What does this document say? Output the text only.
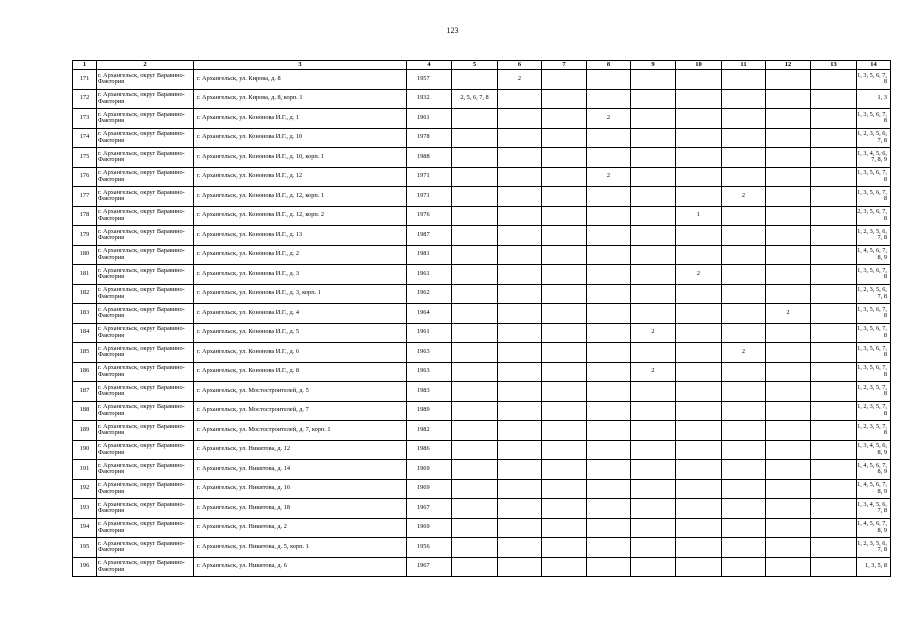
123
1	2	3	4	5	6	7	8	9	10	11	12	13	14
171	г. Архангельск, округ Варавино-Фактория	г. Архангельск, ул. Кирова, д. 8	1957		2								1, 3, 5, 6, 7, 8
172	г. Архангельск, округ Варавино-Фактория	г. Архангельск, ул. Кирова, д. 8, корп. 1	1932	2, 5, 6, 7, 8									1, 3
173	г. Архангельск, округ Варавино-Фактория	г. Архангельск, ул. Кононова И.Г., д. 1	1961				2						1, 3, 5, 6, 7, 8
174	г. Архангельск, округ Варавино-Фактория	г. Архангельск, ул. Кононова И.Г., д. 10	1978										1, 2, 3, 5, 6, 7, 8
175	г. Архангельск, округ Варавино-Фактория	г. Архангельск, ул. Кононова И.Г., д. 10, корп. 1	1988										1, 3, 4, 5, 6, 7, 8, 9
176	г. Архангельск, округ Варавино-Фактория	г. Архангельск, ул. Кононова И.Г., д. 12	1971				2						1, 3, 5, 6, 7, 8
177	г. Архангельск, округ Варавино-Фактория	г. Архангельск, ул. Кононова И.Г., д. 12, корп. 1	1971							2			1, 3, 5, 6, 7, 8
178	г. Архангельск, округ Варавино-Фактория	г. Архангельск, ул. Кононова И.Г., д. 12, корп. 2	1976						1				2, 3, 5, 6, 7, 8
179	г. Архангельск, округ Варавино-Фактория	г. Архангельск, ул. Кононова И.Г., д. 13	1987										1, 2, 3, 5, 6, 7, 8
180	г. Архангельск, округ Варавино-Фактория	г. Архангельск, ул. Кононова И.Г., д. 2	1981										1, 4, 5, 6, 7, 8, 9
181	г. Архангельск, округ Варавино-Фактория	г. Архангельск, ул. Кононова И.Г., д. 3	1961						2				1, 3, 5, 6, 7, 8
182	г. Архангельск, округ Варавино-Фактория	г. Архангельск, ул. Кононова И.Г., д. 3, корп. 1	1962										1, 2, 3, 5, 6, 7, 8
183	г. Архангельск, округ Варавино-Фактория	г. Архангельск, ул. Кононова И.Г., д. 4	1964								2		1, 3, 5, 6, 7, 8
184	г. Архангельск, округ Варавино-Фактория	г. Архангельск, ул. Кононова И.Г., д. 5	1961					2					1, 3, 5, 6, 7, 8
185	г. Архангельск, округ Варавино-Фактория	г. Архангельск, ул. Кононова И.Г., д. 6	1963							2			1, 3, 5, 6, 7, 8
186	г. Архангельск, округ Варавино-Фактория	г. Архангельск, ул. Кононова И.Г., д. 8	1963					2					1, 3, 5, 6, 7, 8
187	г. Архангельск, округ Варавино-Фактория	г. Архангельск, ул. Мостостроителей, д. 5	1983										1, 2, 3, 5, 7, 8
188	г. Архангельск, округ Варавино-Фактория	г. Архангельск, ул. Мостостроителей, д. 7	1989										1, 2, 3, 5, 7, 8
189	г. Архангельск, округ Варавино-Фактория	г. Архангельск, ул. Мостостроителей, д. 7, корп. 1	1982										1, 2, 3, 5, 7, 8
190	г. Архангельск, округ Варавино-Фактория	г. Архангельск, ул. Никитова, д. 12	1986										1, 3, 4, 5, 6, 8, 9
191	г. Архангельск, округ Варавино-Фактория	г. Архангельск, ул. Никитова, д. 14	1969										1, 4, 5, 6, 7, 8, 9
192	г. Архангельск, округ Варавино-Фактория	г. Архангельск, ул. Никитова, д. 16	1969										1, 4, 5, 6, 7, 8, 9
193	г. Архангельск, округ Варавино-Фактория	г. Архангельск, ул. Никитова, д. 18	1967										1, 3, 4, 5, 6, 7, 8
194	г. Архангельск, округ Варавино-Фактория	г. Архангельск, ул. Никитова, д. 2	1969										1, 4, 5, 6, 7, 8, 9
195	г. Архангельск, округ Варавино-Фактория	г. Архангельск, ул. Никитова, д. 5, корп. 1	1956										1, 2, 3, 5, 6, 7, 8
196	г. Архангельск, округ Варавино-Фактория	г. Архангельск, ул. Никитова, д. 6	1967										1, 3, 5, 8
